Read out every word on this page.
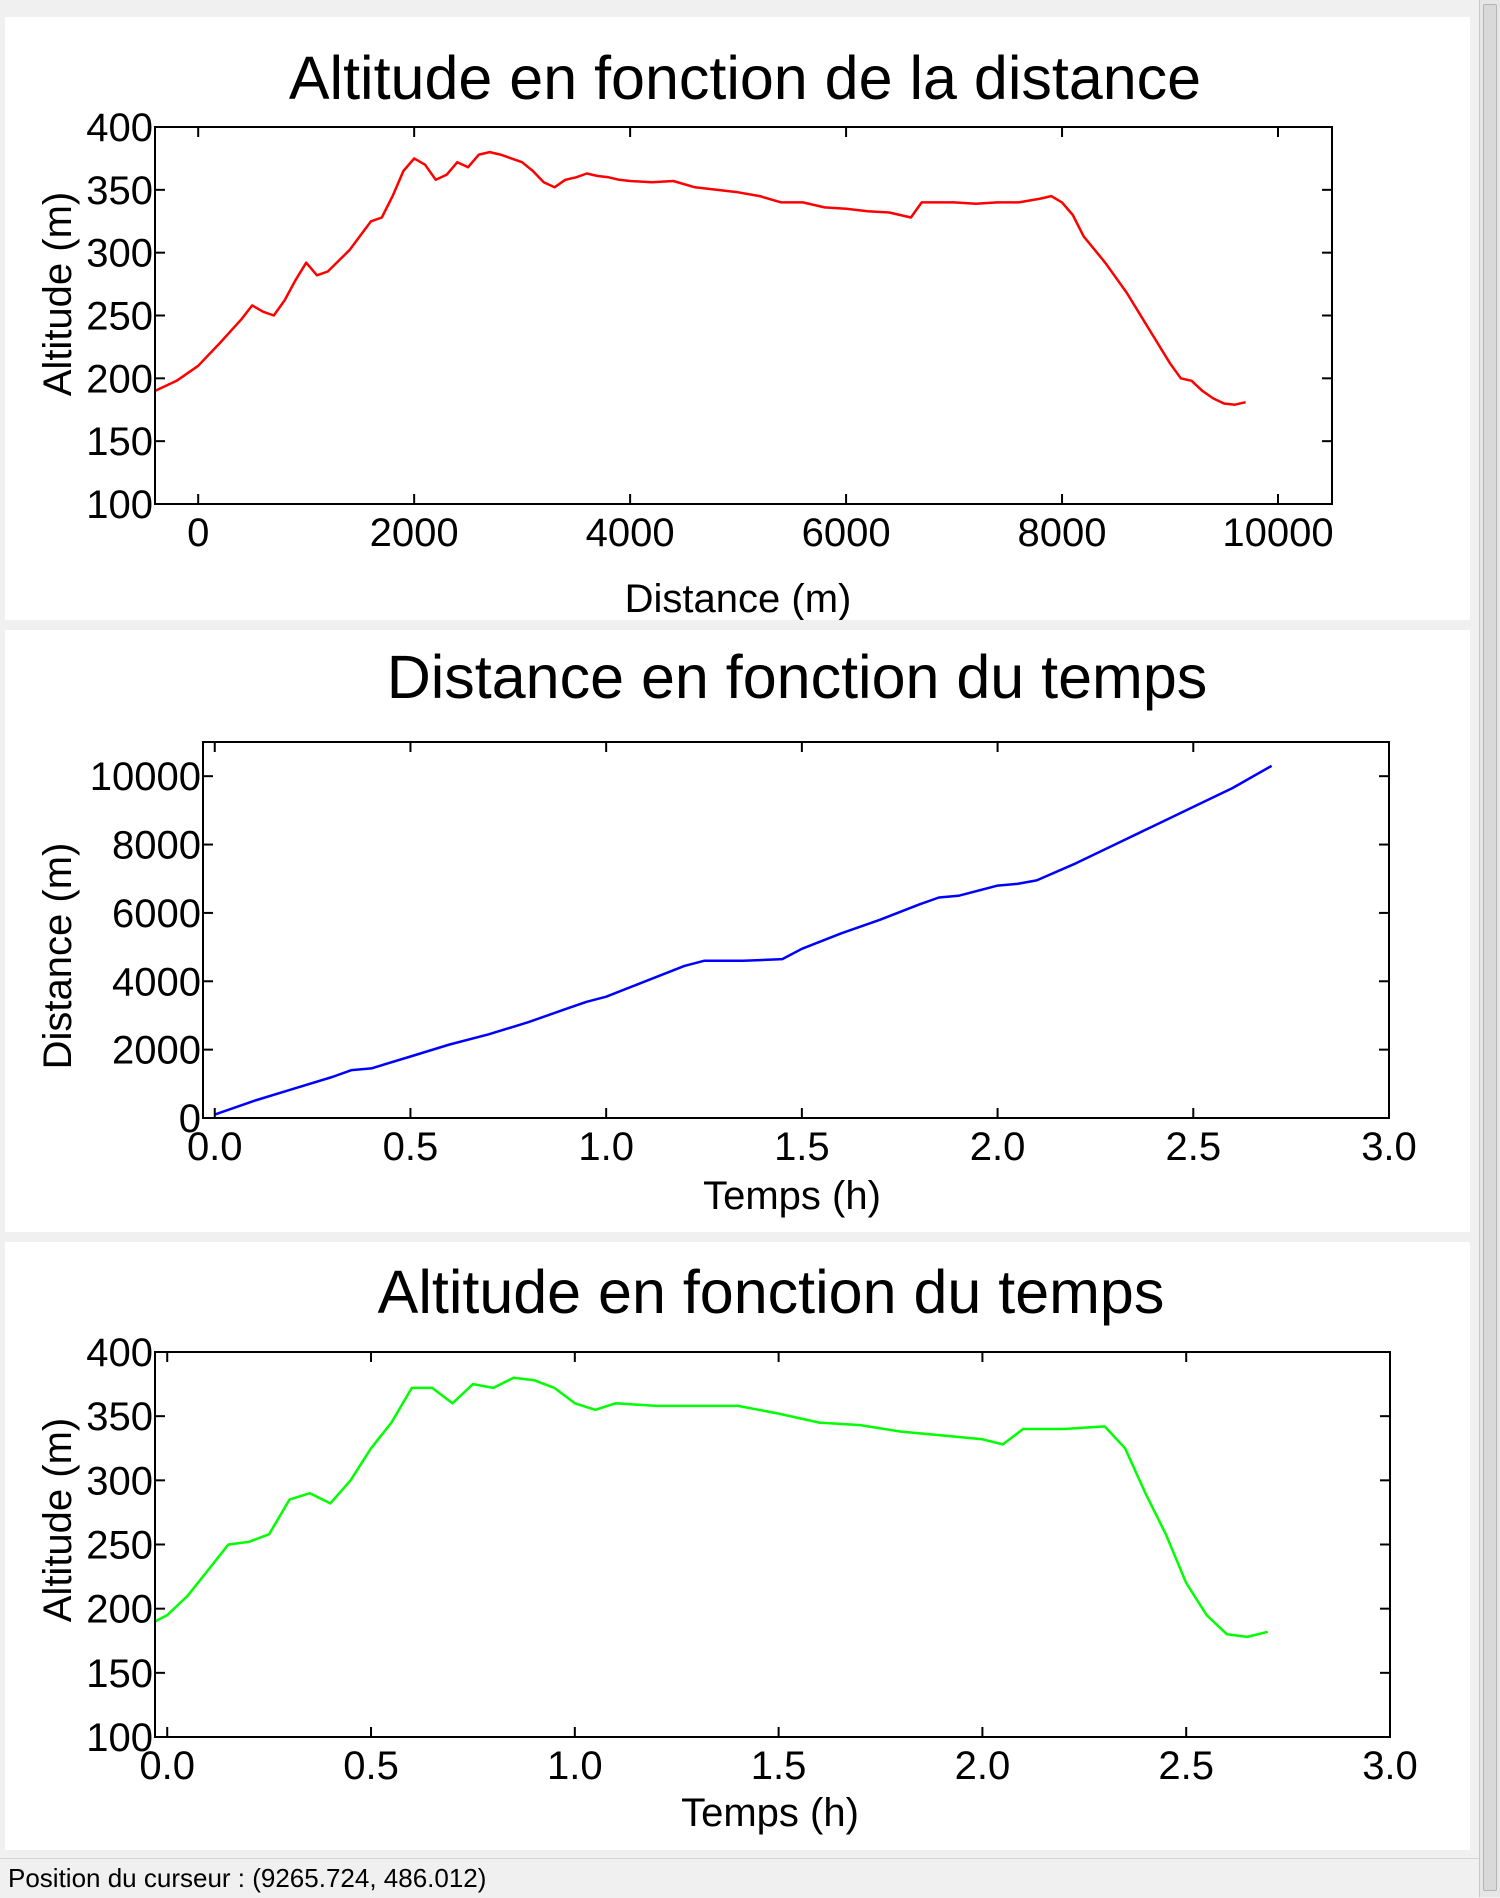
Altitude en fonction de la distance
Distance (m)
Altitude (m)
0	2000	4000	6000	8000	10000
100
150
200
250
300
350
400
Distance en fonction du temps
Temps (h)
Distance (m)
0.0	0.5	1.0	1.5	2.0	2.5	3.0
0
2000
4000
6000
8000
10000
Altitude en fonction du temps
Temps (h)
Altitude (m)
0.0	0.5	1.0	1.5	2.0	2.5	3.0
100
150
200
250
300
350
400
Position du curseur : (9265.724, 486.012)
